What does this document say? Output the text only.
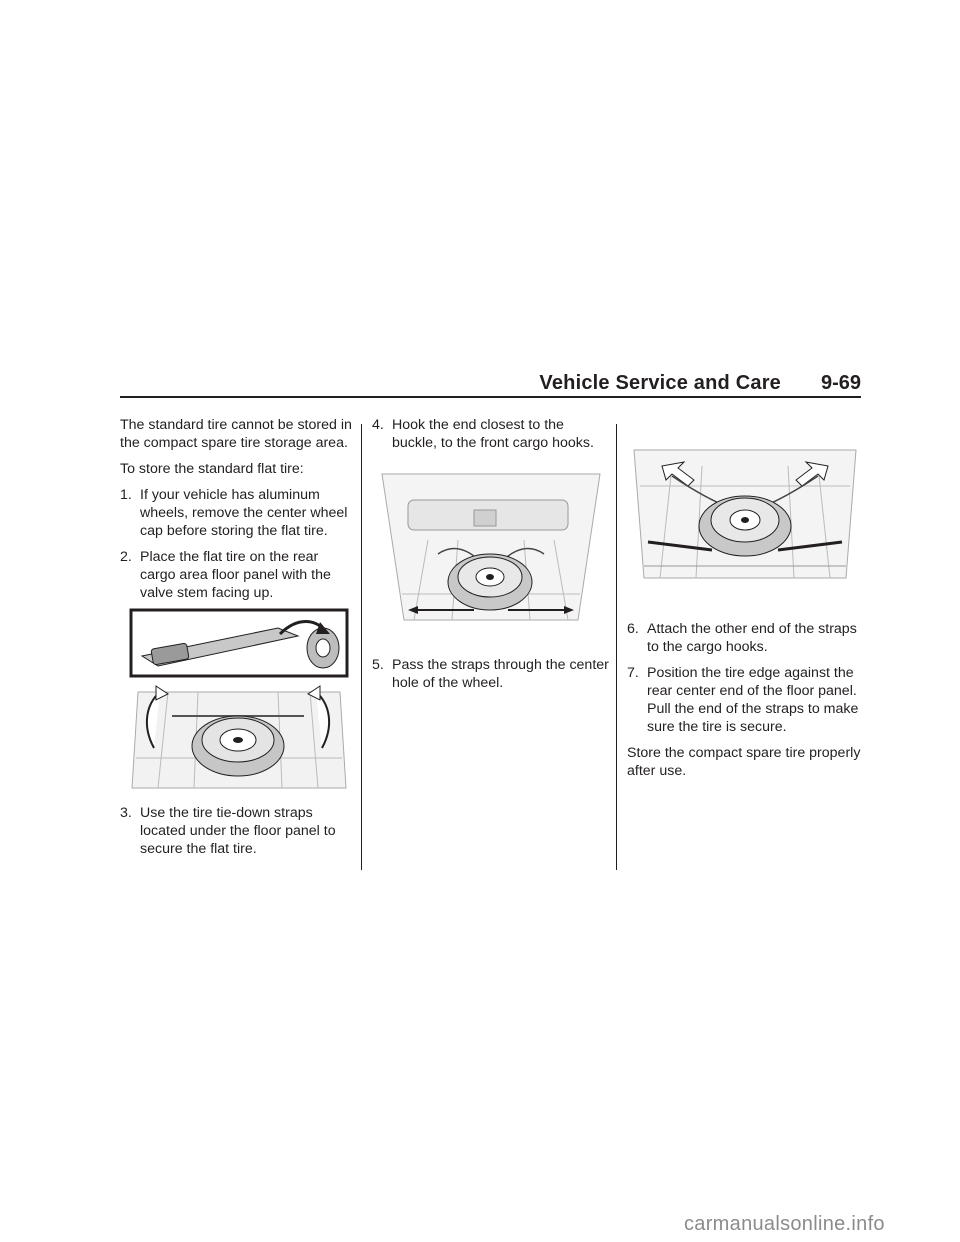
Vehicle Service and Care 9-69

The standard tire cannot be stored in the compact spare tire storage area.

To store the standard flat tire:

1. If your vehicle has aluminum wheels, remove the center wheel cap before storing the flat tire.
2. Place the flat tire on the rear cargo area floor panel with the valve stem facing up.
3. Use the tire tie-down straps located under the floor panel to secure the flat tire.
4. Hook the end closest to the buckle, to the front cargo hooks.
5. Pass the straps through the center hole of the wheel.
6. Attach the other end of the straps to the cargo hooks.
7. Position the tire edge against the rear center end of the floor panel. Pull the end of the straps to make sure the tire is secure.

Store the compact spare tire properly after use.

carmanualsonline.info
